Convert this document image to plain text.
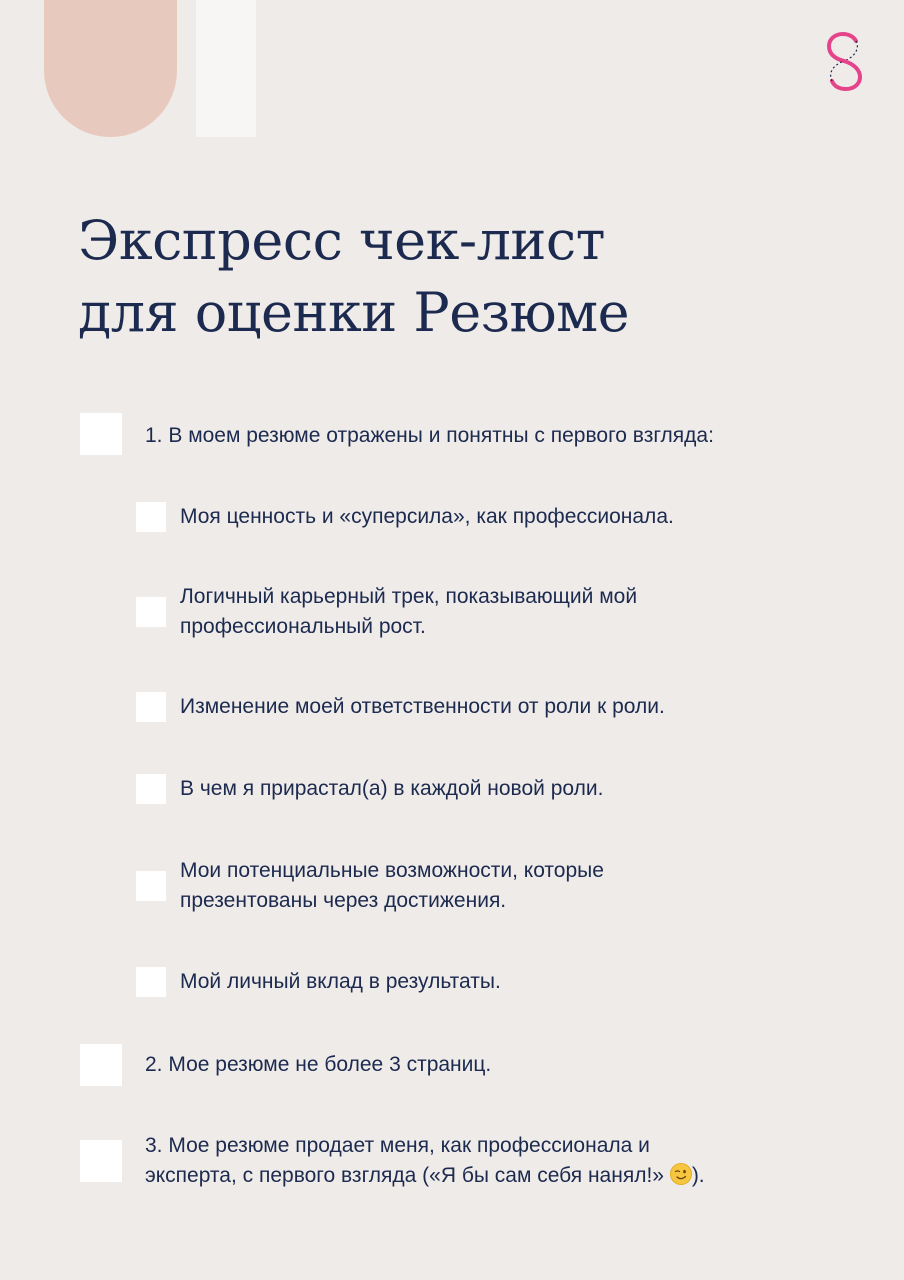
Экспресс чек-лист
для оценки Резюме

1. В моем резюме отражены и понятны с первого взгляда:

Моя ценность и «суперсила», как профессионала.

Логичный карьерный трек, показывающий мой
профессиональный рост.

Изменение моей ответственности от роли к роли.

В чем я прирастал(а) в каждой новой роли.

Мои потенциальные возможности, которые
презентованы через достижения.

Мой личный вклад в результаты.

2. Мое резюме не более 3 страниц.

3. Мое резюме продает меня, как профессионала и
эксперта, с первого взгляда («Я бы сам себя нанял!» ).
